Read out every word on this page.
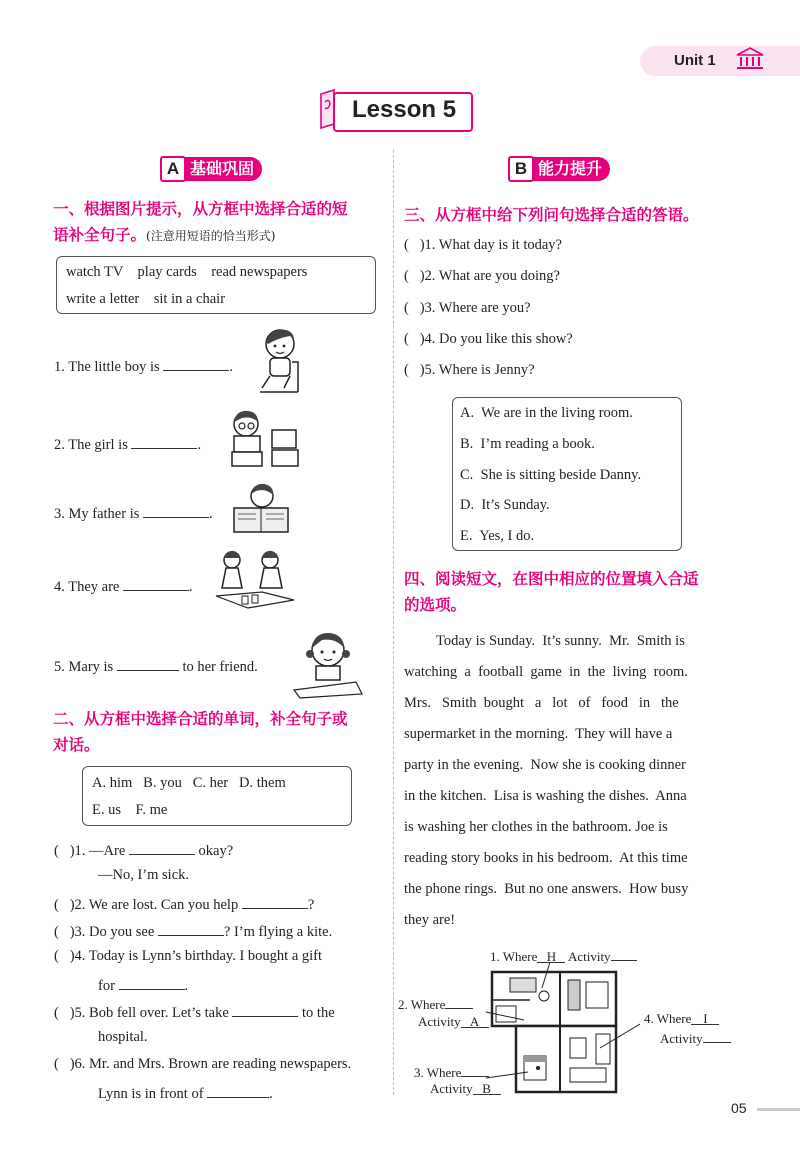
Unit 1
Lesson 5
A 基础巩固
一、根据图片提示，从方框中选择合适的短
语补全句子。(注意用短语的恰当形式)
watch TV    play cards    read newspapers
write a letter    sit in a chair
1. The little boy is	.
2. The girl is	.
3. My father is	.
4. They are	.
5. Mary is	to her friend.
二、从方框中选择合适的单词，补全句子或
对话。
A. him   B. you   C. her   D. them
E. us    F. me
(   )1. —Are	okay?
—No, I’m sick.
(   )2. We are lost. Can you help	?
(   )3. Do you see	? I’m flying a kite.
(   )4. Today is Lynn’s birthday. I bought a gift
for	.
(   )5. Bob fell over. Let’s take	to the
hospital.
(   )6. Mr. and Mrs. Brown are reading newspapers.
Lynn is in front of	.
B 能力提升
三、从方框中给下列问句选择合适的答语。
(   )1. What day is it today?
(   )2. What are you doing?
(   )3. Where are you?
(   )4. Do you like this show?
(   )5. Where is Jenny?
A.  We are in the living room.
B.  I’m reading a book.
C.  She is sitting beside Danny.
D.  It’s Sunday.
E.  Yes, I do.
四、阅读短文，在图中相应的位置填入合适
的选项。
Today is Sunday.  It’s sunny.  Mr.  Smith is
watching  a  football  game  in  the  living  room.
Mrs.   Smith  bought   a   lot   of   food   in   the
supermarket in the morning.  They will have a
party in the evening.  Now she is cooking dinner
in the kitchen.  Lisa is washing the dishes.  Anna
is washing her clothes in the bathroom. Joe is
reading story books in his bedroom.  At this time
the phone rings.  But no one answers.  How busy
they are!
1. Where H Activity
2. Where
Activity A
3. Where
Activity B
4. Where I
Activity
05
